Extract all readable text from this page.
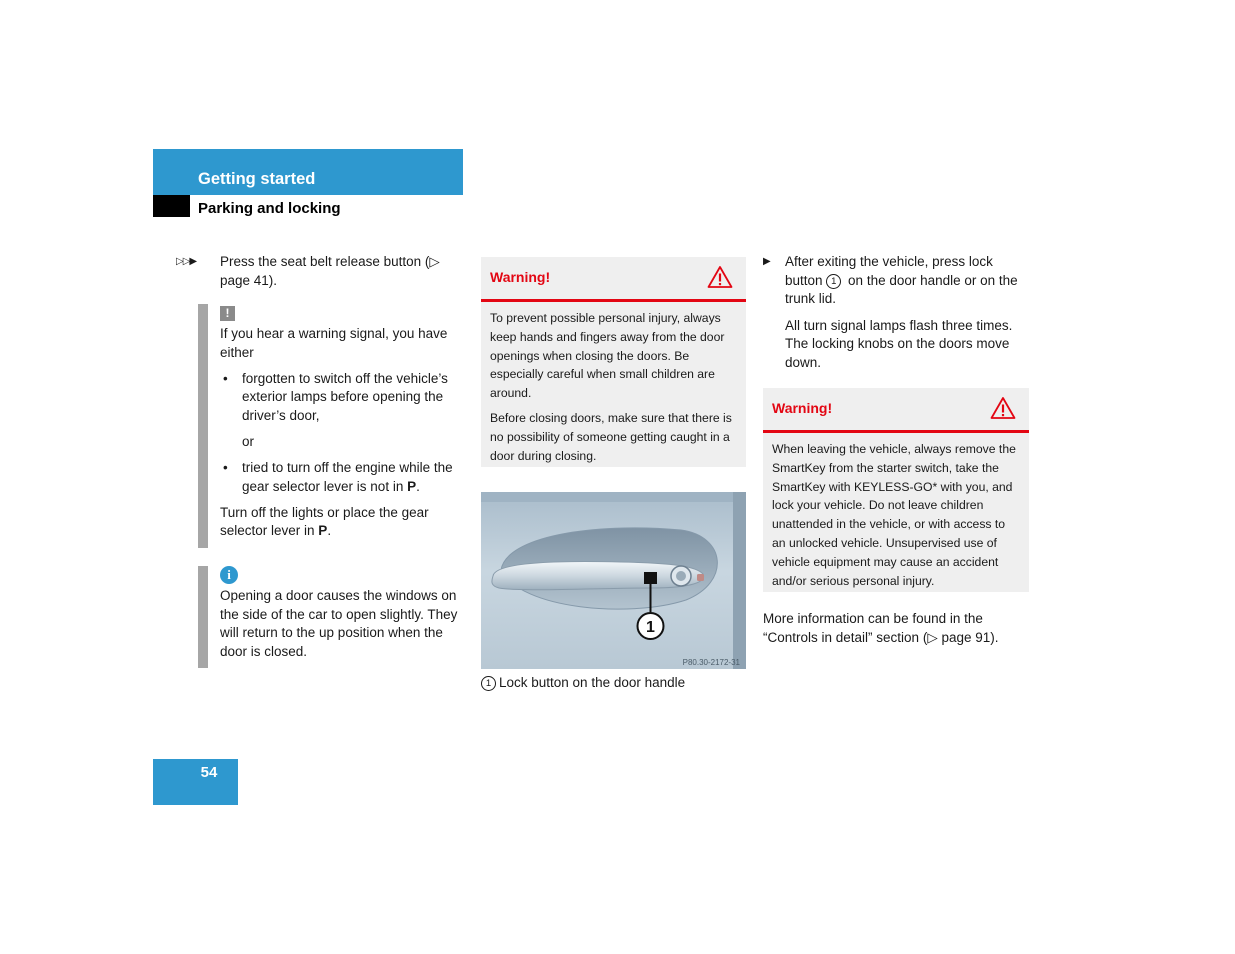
Getting started
Parking and locking
▷▷▶	Press the seat belt release button (▷ page 41).
!

If you hear a warning signal, you have either

• forgotten to switch off the vehicle’s exterior lamps before opening the driver’s door,

or

• tried to turn off the engine while the gear selector lever is not in P.

Turn off the lights or place the gear selector lever in P.

i

Opening a door causes the windows on the side of the car to open slightly. They will return to the up position when the door is closed.

Warning!

To prevent possible personal injury, always keep hands and fingers away from the door openings when closing the doors. Be especially careful when small children are around.

Before closing doors, make sure that there is no possibility of someone getting caught in a door during closing.

1
P80.30-2172-31
1 Lock button on the door handle
▶	After exiting the vehicle, press lock button 1 on the door handle or on the trunk lid.

All turn signal lamps flash three times. The locking knobs on the doors move down.

Warning!

When leaving the vehicle, always remove the SmartKey from the starter switch, take the SmartKey with KEYLESS-GO* with you, and lock your vehicle. Do not leave children unattended in the vehicle, or with access to an unlocked vehicle. Unsupervised use of vehicle equipment may cause an accident and/or serious personal injury.

More information can be found in the “Controls in detail” section (▷ page 91).
54
